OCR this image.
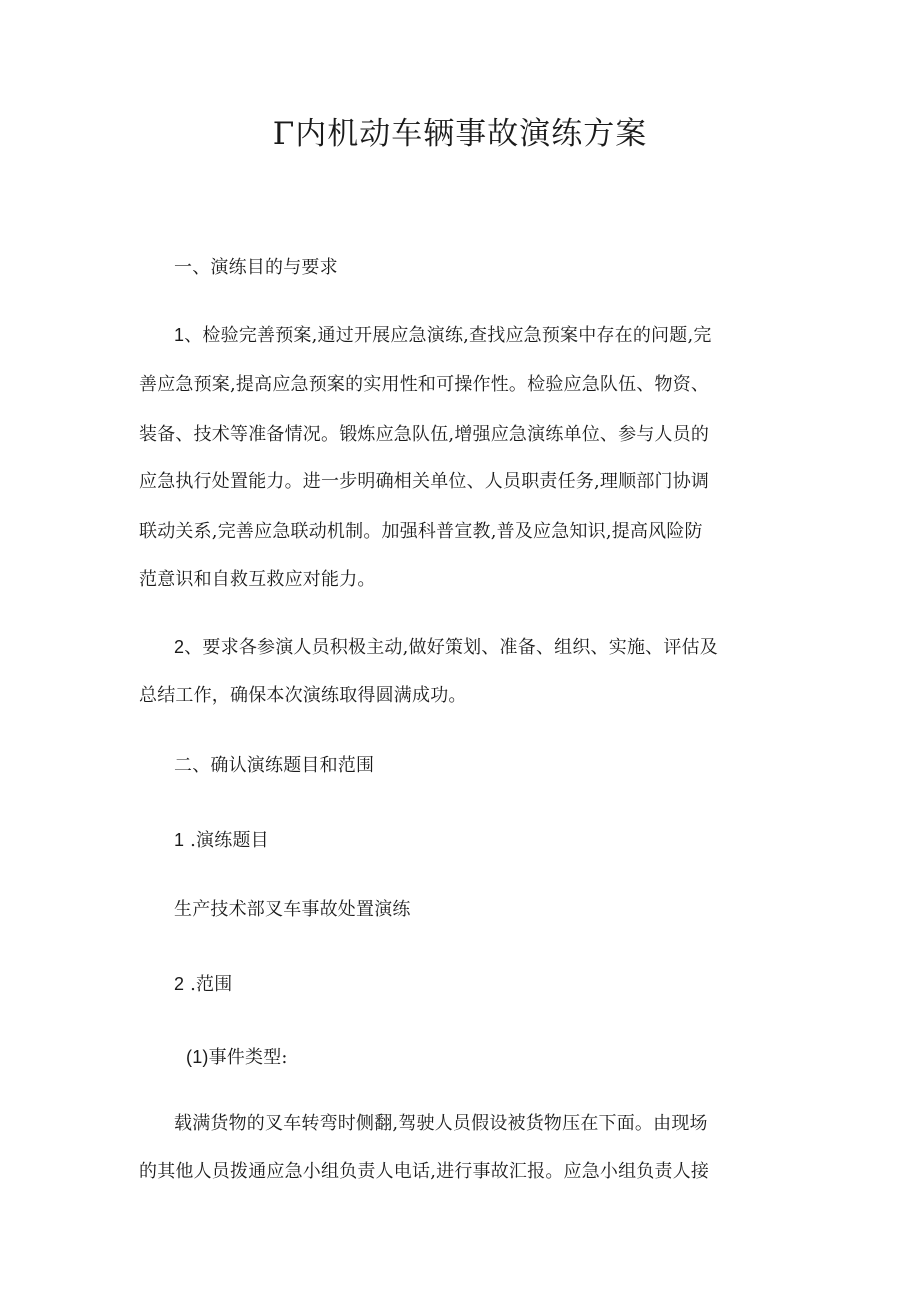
Γ内机动车辆事故演练方案
一、演练目的与要求
1、检验完善预案,通过开展应急演练,查找应急预案中存在的问题,完
善应急预案,提高应急预案的实用性和可操作性。检验应急队伍、物资、
装备、技术等准备情况。锻炼应急队伍,增强应急演练单位、参与人员的
应急执行处置能力。进一步明确相关单位、人员职责任务,理顺部门协调
联动关系,完善应急联动机制。加强科普宣教,普及应急知识,提高风险防
范意识和自救互救应对能力。
2、要求各参演人员积极主动,做好策划、准备、组织、实施、评估及
总结工作，确保本次演练取得圆满成功。
二、确认演练题目和范围
1 .演练题目
生产技术部叉车事故处置演练
2 .范围
(1)事件类型:
载满货物的叉车转弯时侧翻,驾驶人员假设被货物压在下面。由现场
的其他人员拨通应急小组负责人电话,进行事故汇报。应急小组负责人接
